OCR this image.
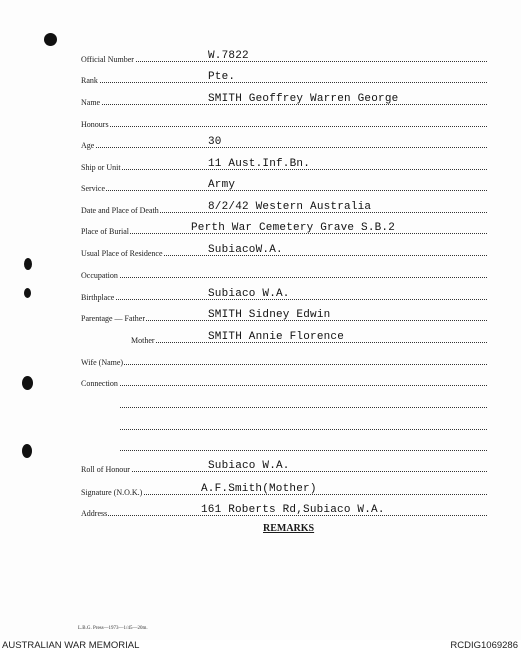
Official Number	W.7822
Rank	Pte.
Name	SMITH Geoffrey Warren George
Honours
Age	30
Ship or Unit	11 Aust.Inf.Bn.
Service	Army
Date and Place of Death	8/2/42 Western Australia
Place of Burial	Perth War Cemetery Grave S.B.2
Usual Place of Residence	SubiacoW.A.
Occupation
Birthplace	Subiaco W.A.
Parentage — Father	SMITH Sidney Edwin
Mother	SMITH Annie Florence
Wife (Name)
Connection
Roll of Honour	Subiaco W.A.
Signature (N.O.K.)	A.F.Smith(Mother)
Address	161 Roberts Rd,Subiaco W.A.
REMARKS
L.B.G. Press—1973—1/45—20m.
AUSTRALIAN WAR MEMORIAL	RCDIG1069286
